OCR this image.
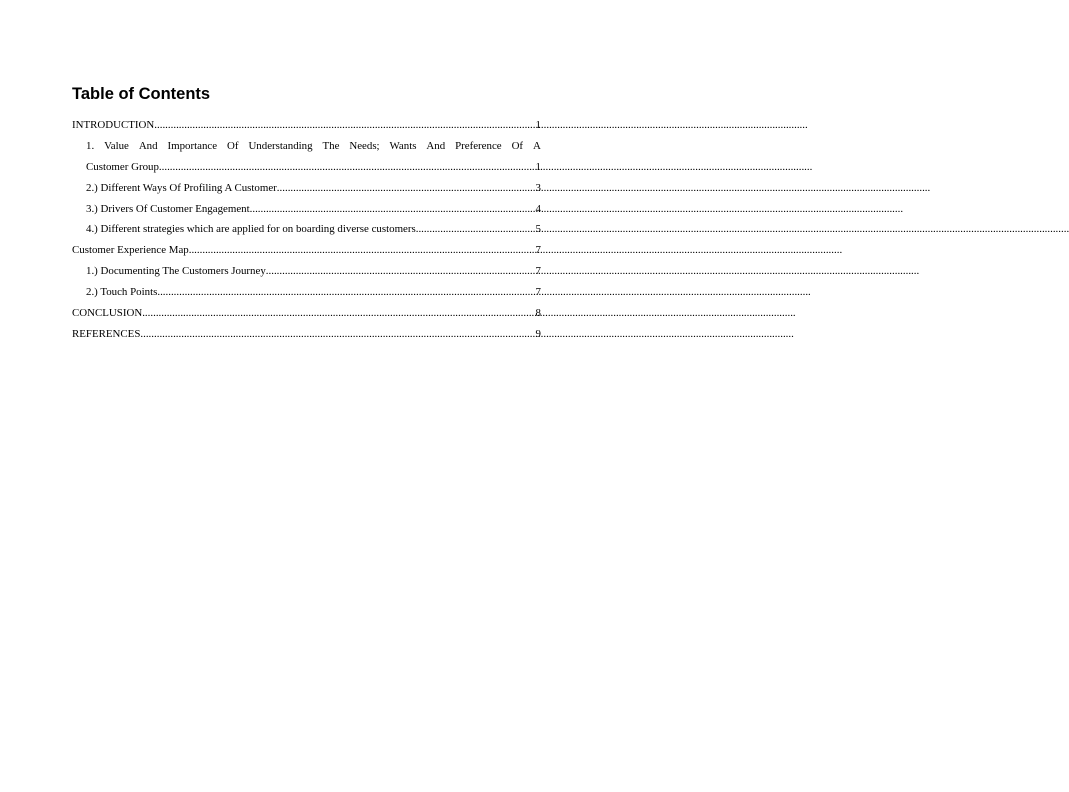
Table of Contents
INTRODUCTION .....	1
1. Value And Importance Of Understanding The Needs; Wants And Preference Of A
Customer Group .....	1
2.) Different Ways Of Profiling A Customer .....	3
3.) Drivers Of Customer Engagement .....	4
4.) Different strategies which are applied for on boarding diverse customers .....	5
Customer Experience Map .....	7
1.) Documenting The Customers Journey .....	7
2.) Touch Points .....	7
CONCLUSION .....	8
REFERENCES .....	9
